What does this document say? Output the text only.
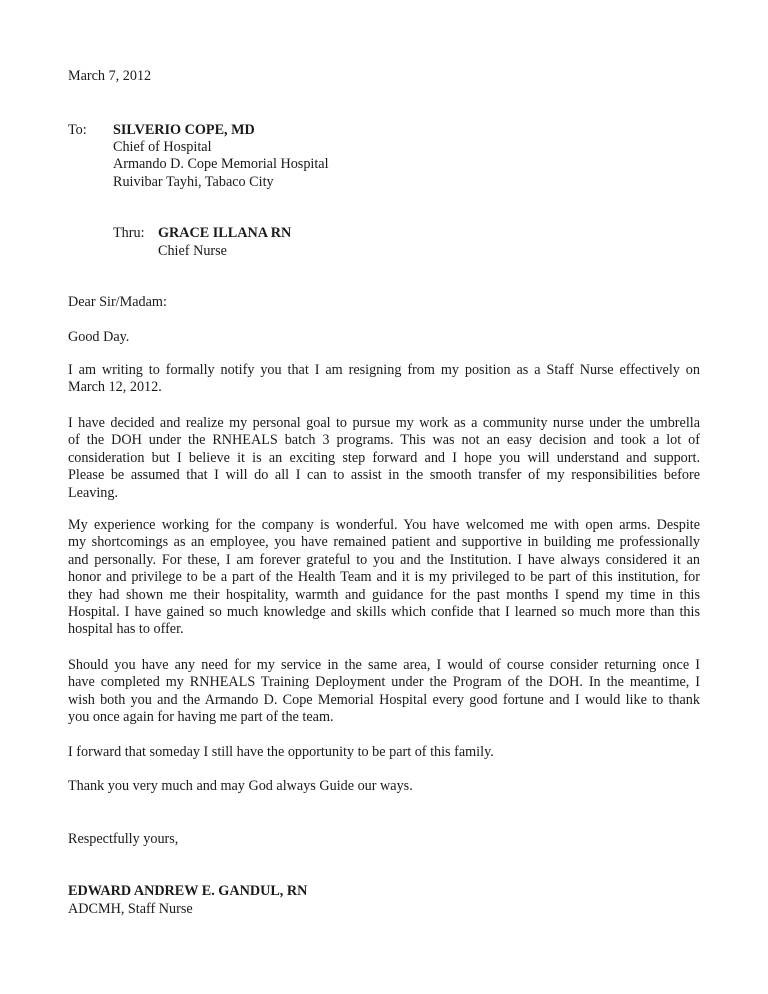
March 7, 2012
To: SILVERIO COPE, MD
Chief of Hospital
Armando D. Cope Memorial Hospital
Ruivibar Tayhi, Tabaco City
Thru: GRACE ILLANA RN
Chief Nurse
Dear Sir/Madam:
Good Day.
I am writing to formally notify you that I am resigning from my position as a Staff Nurse effectively on
March 12, 2012.
I have decided and realize my personal goal to pursue my work as a community nurse under the umbrella
of the DOH under the RNHEALS batch 3 programs. This was not an easy decision and took a lot of
consideration but I believe it is an exciting step forward and I hope you will understand and support.
Please be assumed that I will do all I can to assist in the smooth transfer of my responsibilities before
Leaving.
My experience working for the company is wonderful. You have welcomed me with open arms. Despite
my shortcomings as an employee, you have remained patient and supportive in building me professionally
and personally. For these, I am forever grateful to you and the Institution. I have always considered it an
honor and privilege to be a part of the Health Team and it is my privileged to be part of this institution, for
they had shown me their hospitality, warmth and guidance for the past months I spend my time in this
Hospital. I have gained so much knowledge and skills which confide that I learned so much more than this
hospital has to offer.
Should you have any need for my service in the same area, I would of course consider returning once I
have completed my RNHEALS Training Deployment under the Program of the DOH. In the meantime, I
wish both you and the Armando D. Cope Memorial Hospital every good fortune and I would like to thank
you once again for having me part of the team.
I forward that someday I still have the opportunity to be part of this family.
Thank you very much and may God always Guide our ways.
Respectfully yours,
EDWARD ANDREW E. GANDUL, RN
ADCMH, Staff Nurse
